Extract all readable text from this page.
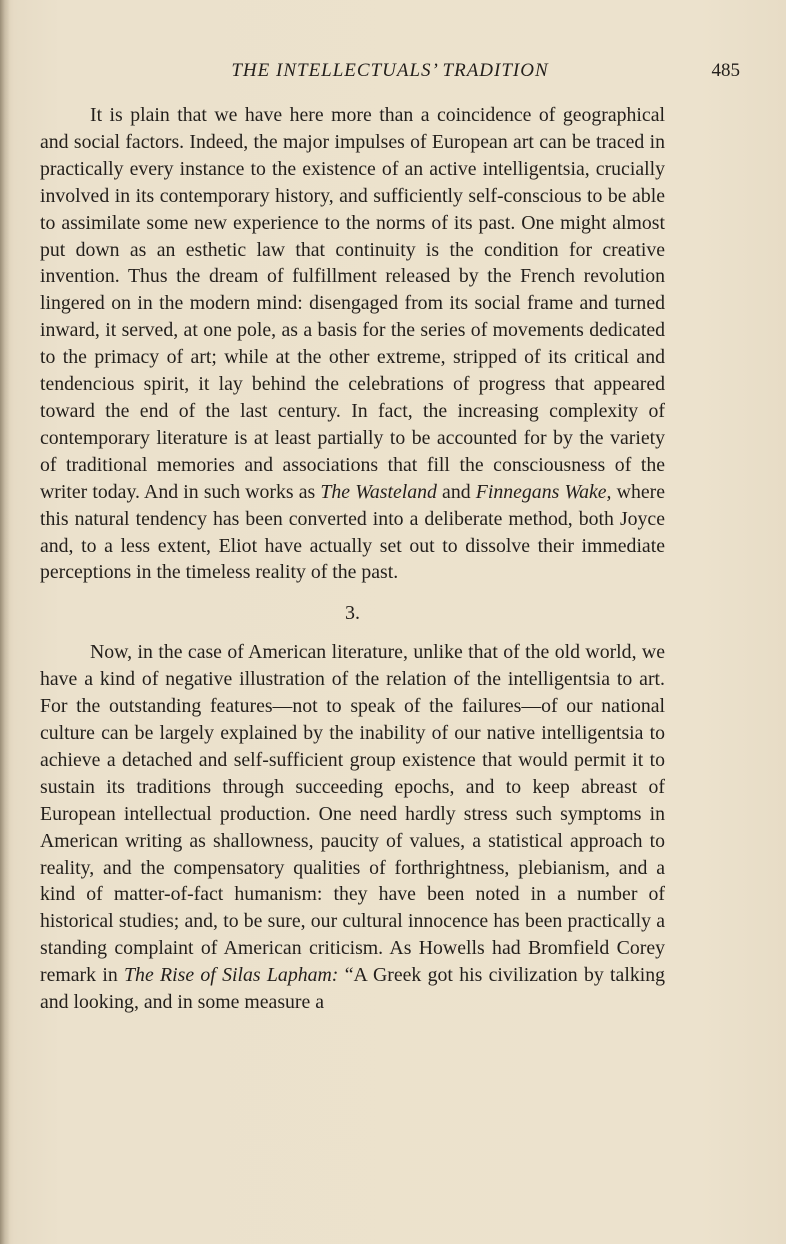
THE INTELLECTUALS’ TRADITION	485

It is plain that we have here more than a coincidence of geographical and social factors. Indeed, the major impulses of European art can be traced in practically every instance to the existence of an active intelligentsia, crucially involved in its contemporary history, and sufficiently self-conscious to be able to assimilate some new experience to the norms of its past. One might almost put down as an esthetic law that continuity is the condition for creative invention. Thus the dream of fulfillment released by the French revolution lingered on in the modern mind: disengaged from its social frame and turned inward, it served, at one pole, as a basis for the series of movements dedicated to the primacy of art; while at the other extreme, stripped of its critical and tendencious spirit, it lay behind the celebrations of progress that appeared toward the end of the last century. In fact, the increasing complexity of contemporary literature is at least partially to be accounted for by the variety of traditional memories and associations that fill the consciousness of the writer today. And in such works as The Wasteland and Finnegans Wake, where this natural tendency has been converted into a deliberate method, both Joyce and, to a less extent, Eliot have actually set out to dissolve their immediate perceptions in the timeless reality of the past.

3.

Now, in the case of American literature, unlike that of the old world, we have a kind of negative illustration of the relation of the intelligentsia to art. For the outstanding features—not to speak of the failures—of our national culture can be largely explained by the inability of our native intelligentsia to achieve a detached and self-sufficient group existence that would permit it to sustain its traditions through succeeding epochs, and to keep abreast of European intellectual production. One need hardly stress such symptoms in American writing as shallowness, paucity of values, a statistical approach to reality, and the compensatory qualities of forthrightness, plebianism, and a kind of matter-of-fact humanism: they have been noted in a number of historical studies; and, to be sure, our cultural innocence has been practically a standing complaint of American criticism. As Howells had Bromfield Corey remark in The Rise of Silas Lapham: “A Greek got his civilization by talking and looking, and in some measure a
